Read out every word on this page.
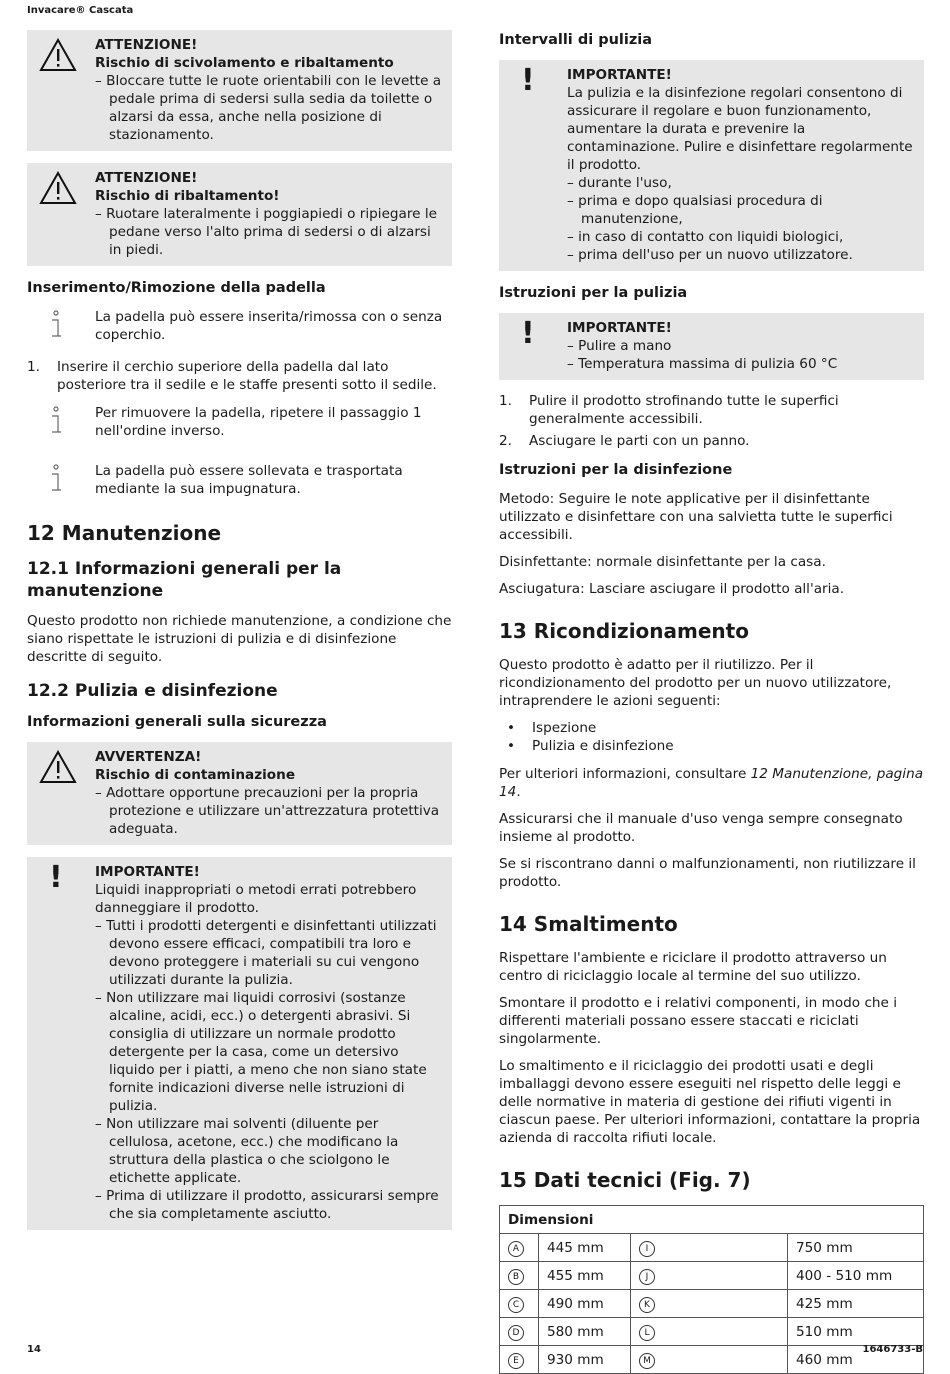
Invacare® Cascata
ATTENZIONE!
Rischio di scivolamento e ribaltamento
– Bloccare tutte le ruote orientabili con le levette a pedale prima di sedersi sulla sedia da toilette o alzarsi da essa, anche nella posizione di stazionamento.
ATTENZIONE!
Rischio di ribaltamento!
– Ruotare lateralmente i poggiapiedi o ripiegare le pedane verso l'alto prima di sedersi o di alzarsi in piedi.
Inserimento/Rimozione della padella
La padella può essere inserita/rimossa con o senza coperchio.
1. Inserire il cerchio superiore della padella dal lato posteriore tra il sedile e le staffe presenti sotto il sedile.
Per rimuovere la padella, ripetere il passaggio 1 nell'ordine inverso.
La padella può essere sollevata e trasportata mediante la sua impugnatura.
12 Manutenzione
12.1 Informazioni generali per la manutenzione

Questo prodotto non richiede manutenzione, a condizione che siano rispettate le istruzioni di pulizia e di disinfezione descritte di seguito.

12.2 Pulizia e disinfezione
Informazioni generali sulla sicurezza
AVVERTENZA!
Rischio di contaminazione
– Adottare opportune precauzioni per la propria protezione e utilizzare un'attrezzatura protettiva adeguata.
! IMPORTANTE!
Liquidi inappropriati o metodi errati potrebbero danneggiare il prodotto.
– Tutti i prodotti detergenti e disinfettanti utilizzati devono essere efficaci, compatibili tra loro e devono proteggere i materiali su cui vengono utilizzati durante la pulizia.
– Non utilizzare mai liquidi corrosivi (sostanze alcaline, acidi, ecc.) o detergenti abrasivi. Si consiglia di utilizzare un normale prodotto detergente per la casa, come un detersivo liquido per i piatti, a meno che non siano state fornite indicazioni diverse nelle istruzioni di pulizia.
– Non utilizzare mai solventi (diluente per cellulosa, acetone, ecc.) che modificano la struttura della plastica o che sciolgono le etichette applicate.
– Prima di utilizzare il prodotto, assicurarsi sempre che sia completamente asciutto.
Intervalli di pulizia
! IMPORTANTE!
La pulizia e la disinfezione regolari consentono di assicurare il regolare e buon funzionamento, aumentare la durata e prevenire la contaminazione. Pulire e disinfettare regolarmente il prodotto.
– durante l'uso,
– prima e dopo qualsiasi procedura di manutenzione,
– in caso di contatto con liquidi biologici,
– prima dell'uso per un nuovo utilizzatore.
Istruzioni per la pulizia
! IMPORTANTE!
– Pulire a mano
– Temperatura massima di pulizia 60 °C
1. Pulire il prodotto strofinando tutte le superfici generalmente accessibili.
2. Asciugare le parti con un panno.
Istruzioni per la disinfezione

Metodo: Seguire le note applicative per il disinfettante utilizzato e disinfettare con una salvietta tutte le superfici accessibili.

Disinfettante: normale disinfettante per la casa.

Asciugatura: Lasciare asciugare il prodotto all'aria.

13 Ricondizionamento

Questo prodotto è adatto per il riutilizzo. Per il ricondizionamento del prodotto per un nuovo utilizzatore, intraprendere le azioni seguenti:

• Ispezione
• Pulizia e disinfezione

Per ulteriori informazioni, consultare 12 Manutenzione, pagina 14.

Assicurarsi che il manuale d'uso venga sempre consegnato insieme al prodotto.

Se si riscontrano danni o malfunzionamenti, non riutilizzare il prodotto.

14 Smaltimento

Rispettare l'ambiente e riciclare il prodotto attraverso un centro di riciclaggio locale al termine del suo utilizzo.

Smontare il prodotto e i relativi componenti, in modo che i differenti materiali possano essere staccati e riciclati singolarmente.

Lo smaltimento e il riciclaggio dei prodotti usati e degli imballaggi devono essere eseguiti nel rispetto delle leggi e delle normative in materia di gestione dei rifiuti vigenti in ciascun paese. Per ulteriori informazioni, contattare la propria azienda di raccolta rifiuti locale.

15 Dati tecnici (Fig. 7)
Dimensioni			
A	445 mm	I	750 mm
B	455 mm	J	400 - 510 mm
C	490 mm	K	425 mm
D	580 mm	L	510 mm
E	930 mm	M	460 mm
14	1646733-B
